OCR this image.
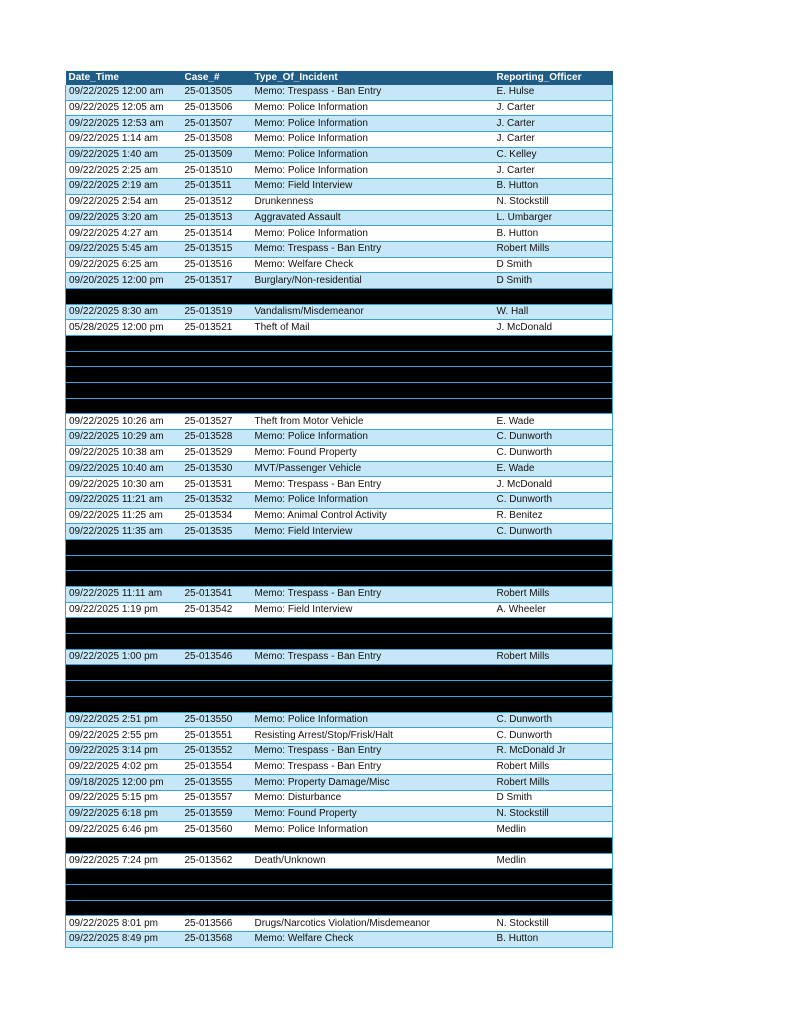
Date_Time	Case_#	Type_Of_Incident	Reporting_Officer
09/22/2025 12:00 am	25-013505	Memo: Trespass - Ban Entry	E. Hulse
09/22/2025 12:05 am	25-013506	Memo: Police Information	J. Carter
09/22/2025 12:53 am	25-013507	Memo: Police Information	J. Carter
09/22/2025 1:14 am	25-013508	Memo: Police Information	J. Carter
09/22/2025 1:40 am	25-013509	Memo: Police Information	C. Kelley
09/22/2025 2:25 am	25-013510	Memo: Police Information	J. Carter
09/22/2025 2:19 am	25-013511	Memo: Field Interview	B. Hutton
09/22/2025 2:54 am	25-013512	Drunkenness	N. Stockstill
09/22/2025 3:20 am	25-013513	Aggravated Assault	L. Umbarger
09/22/2025 4:27 am	25-013514	Memo: Police Information	B. Hutton
09/22/2025 5:45 am	25-013515	Memo: Trespass - Ban Entry	Robert Mills
09/22/2025 6:25 am	25-013516	Memo: Welfare Check	D Smith
09/20/2025 12:00 pm	25-013517	Burglary/Non-residential	D Smith

09/22/2025 8:30 am	25-013519	Vandalism/Misdemeanor	W. Hall
05/28/2025 12:00 pm	25-013521	Theft of Mail	J. McDonald

09/22/2025 10:26 am	25-013527	Theft from Motor Vehicle	E. Wade
09/22/2025 10:29 am	25-013528	Memo: Police Information	C. Dunworth
09/22/2025 10:38 am	25-013529	Memo: Found Property	C. Dunworth
09/22/2025 10:40 am	25-013530	MVT/Passenger Vehicle	E. Wade
09/22/2025 10:30 am	25-013531	Memo: Trespass - Ban Entry	J. McDonald
09/22/2025 11:21 am	25-013532	Memo: Police Information	C. Dunworth
09/22/2025 11:25 am	25-013534	Memo: Animal Control Activity	R. Benitez
09/22/2025 11:35 am	25-013535	Memo: Field Interview	C. Dunworth

09/22/2025 11:11 am	25-013541	Memo: Trespass - Ban Entry	Robert Mills
09/22/2025 1:19 pm	25-013542	Memo: Field Interview	A. Wheeler

09/22/2025 1:00 pm	25-013546	Memo: Trespass - Ban Entry	Robert Mills

09/22/2025 2:51 pm	25-013550	Memo: Police Information	C. Dunworth
09/22/2025 2:55 pm	25-013551	Resisting Arrest/Stop/Frisk/Halt	C. Dunworth
09/22/2025 3:14 pm	25-013552	Memo: Trespass - Ban Entry	R. McDonald Jr
09/22/2025 4:02 pm	25-013554	Memo: Trespass - Ban Entry	Robert Mills
09/18/2025 12:00 pm	25-013555	Memo: Property Damage/Misc	Robert Mills
09/22/2025 5:15 pm	25-013557	Memo: Disturbance	D Smith
09/22/2025 6:18 pm	25-013559	Memo: Found Property	N. Stockstill
09/22/2025 6:46 pm	25-013560	Memo: Police Information	Medlin

09/22/2025 7:24 pm	25-013562	Death/Unknown	Medlin

09/22/2025 8:01 pm	25-013566	Drugs/Narcotics Violation/Misdemeanor	N. Stockstill
09/22/2025 8:49 pm	25-013568	Memo: Welfare Check	B. Hutton
